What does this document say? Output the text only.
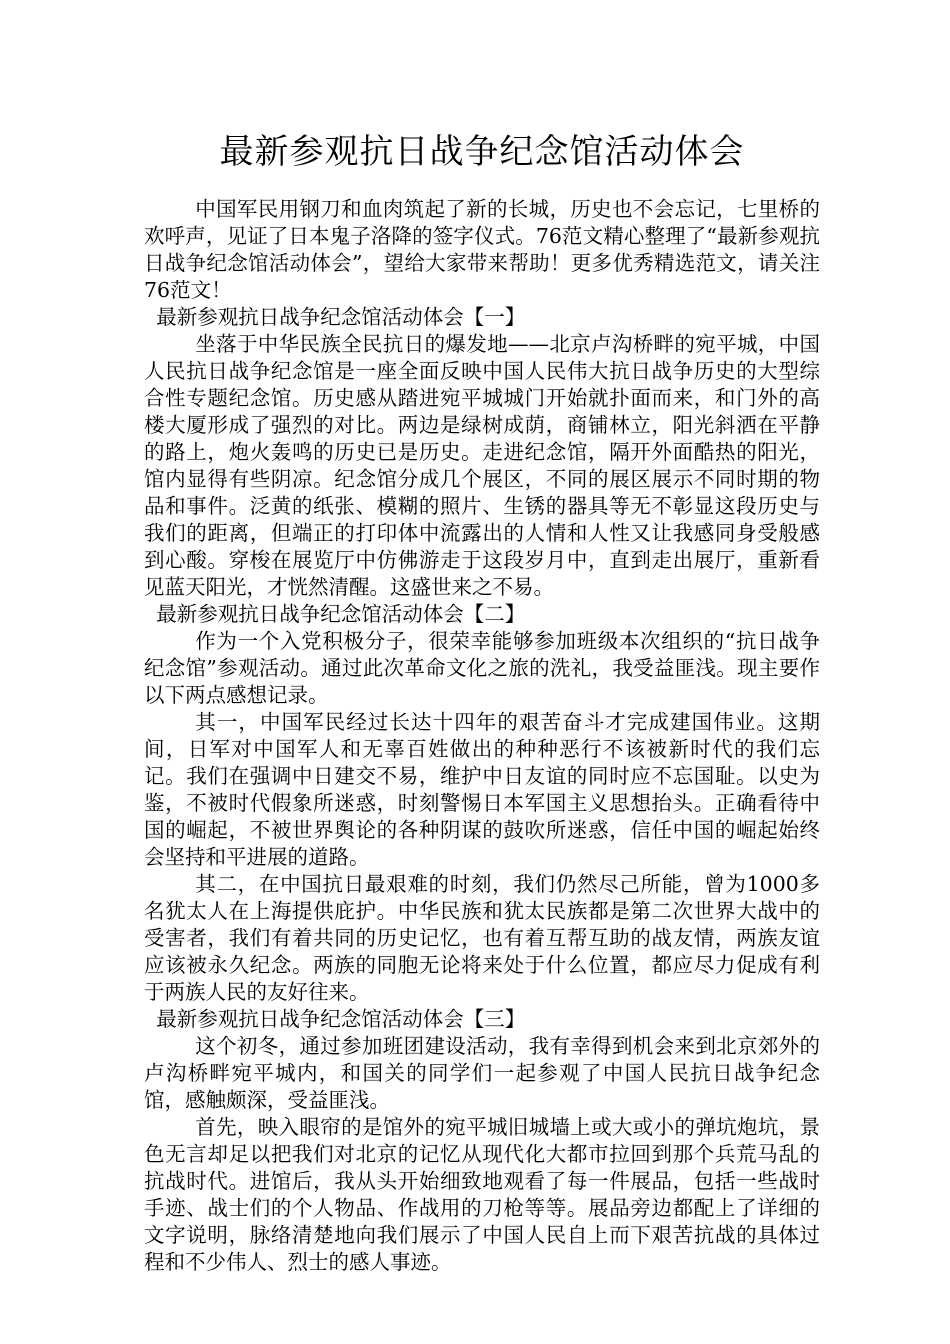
最新参观抗日战争纪念馆活动体会

中国军民用钢刀和血肉筑起了新的长城，历史也不会忘记，七里桥的欢呼声，见证了日本鬼子洛降的签字仪式。76范文精心整理了“最新参观抗日战争纪念馆活动体会”，望给大家带来帮助！更多优秀精选范文，请关注76范文！

最新参观抗日战争纪念馆活动体会【一】

坐落于中华民族全民抗日的爆发地——北京卢沟桥畔的宛平城，中国人民抗日战争纪念馆是一座全面反映中国人民伟大抗日战争历史的大型综合性专题纪念馆。历史感从踏进宛平城城门开始就扑面而来，和门外的高楼大厦形成了强烈的对比。两边是绿树成荫，商铺林立，阳光斜洒在平静的路上，炮火轰鸣的历史已是历史。走进纪念馆，隔开外面酷热的阳光，馆内显得有些阴凉。纪念馆分成几个展区，不同的展区展示不同时期的物品和事件。泛黄的纸张、模糊的照片、生锈的器具等无不彰显这段历史与我们的距离，但端正的打印体中流露出的人情和人性又让我感同身受般感到心酸。穿梭在展览厅中仿佛游走于这段岁月中，直到走出展厅，重新看见蓝天阳光，才恍然清醒。这盛世来之不易。

最新参观抗日战争纪念馆活动体会【二】

作为一个入党积极分子，很荣幸能够参加班级本次组织的“抗日战争纪念馆”参观活动。通过此次革命文化之旅的洗礼，我受益匪浅。现主要作以下两点感想记录。

其一，中国军民经过长达十四年的艰苦奋斗才完成建国伟业。这期间，日军对中国军人和无辜百姓做出的种种恶行不该被新时代的我们忘记。我们在强调中日建交不易，维护中日友谊的同时应不忘国耻。以史为鉴，不被时代假象所迷惑，时刻警惕日本军国主义思想抬头。正确看待中国的崛起，不被世界舆论的各种阴谋的鼓吹所迷惑，信任中国的崛起始终会坚持和平进展的道路。

其二，在中国抗日最艰难的时刻，我们仍然尽己所能，曾为1000多名犹太人在上海提供庇护。中华民族和犹太民族都是第二次世界大战中的受害者，我们有着共同的历史记忆，也有着互帮互助的战友情，两族友谊应该被永久纪念。两族的同胞无论将来处于什么位置，都应尽力促成有利于两族人民的友好往来。

最新参观抗日战争纪念馆活动体会【三】

这个初冬，通过参加班团建设活动，我有幸得到机会来到北京郊外的卢沟桥畔宛平城内，和国关的同学们一起参观了中国人民抗日战争纪念馆，感触颇深，受益匪浅。

首先，映入眼帘的是馆外的宛平城旧城墙上或大或小的弹坑炮坑，景色无言却足以把我们对北京的记忆从现代化大都市拉回到那个兵荒马乱的抗战时代。进馆后，我从头开始细致地观看了每一件展品，包括一些战时手迹、战士们的个人物品、作战用的刀枪等等。展品旁边都配上了详细的文字说明，脉络清楚地向我们展示了中国人民自上而下艰苦抗战的具体过程和不少伟人、烈士的感人事迹。
